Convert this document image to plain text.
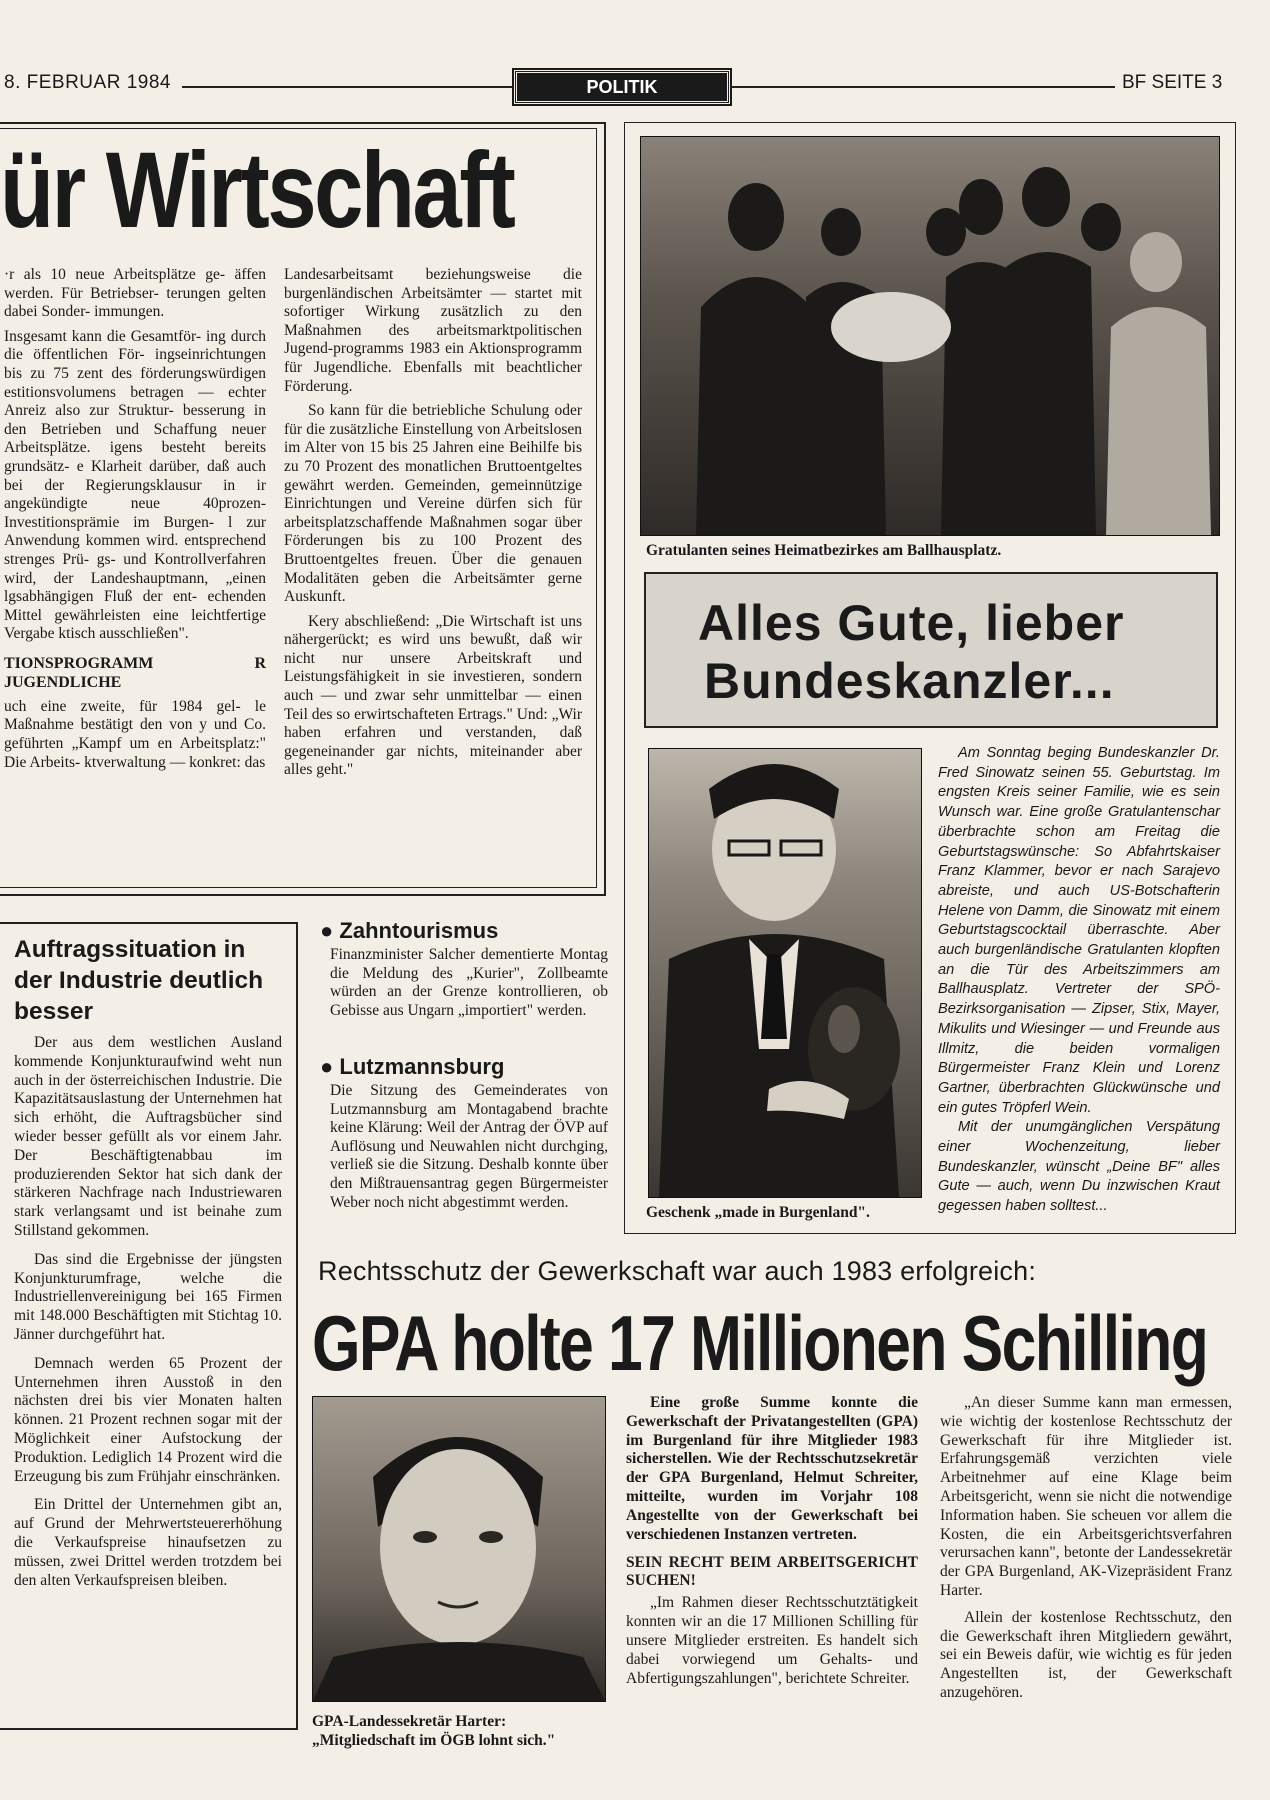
8. FEBRUAR 1984	POLITIK	BF SEITE 3
ür Wirtschaft

·r als 10 neue Arbeitsplätze ge- äffen werden. Für Betriebser- terungen gelten dabei Sonder- immungen.

Insgesamt kann die Gesamtför- ing durch die öffentlichen För- ingseinrichtungen bis zu 75 zent des förderungswürdigen estitionsvolumens betragen — echter Anreiz also zur Struktur- besserung in den Betrieben und Schaffung neuer Arbeitsplätze. igens besteht bereits grundsätz- e Klarheit darüber, daß auch bei der Regierungsklausur in ir angekündigte neue 40prozen- Investitionsprämie im Burgen- l zur Anwendung kommen wird. entsprechend strenges Prü- gs- und Kontrollverfahren wird, der Landeshauptmann, „einen lgsabhängigen Fluß der ent- echenden Mittel gewährleisten eine leichtfertige Vergabe ktisch ausschließen".

TIONSPROGRAMM R JUGENDLICHE

uch eine zweite, für 1984 gel- le Maßnahme bestätigt den von y und Co. geführten „Kampf um en Arbeitsplatz:" Die Arbeits- ktverwaltung — konkret: das

Landesarbeitsamt beziehungsweise die burgenländischen Arbeitsämter — startet mit sofortiger Wirkung zusätzlich zu den Maßnahmen des arbeitsmarktpolitischen Jugend-programms 1983 ein Aktionsprogramm für Jugendliche. Ebenfalls mit beachtlicher Förderung.

So kann für die betriebliche Schulung oder für die zusätzliche Einstellung von Arbeitslosen im Alter von 15 bis 25 Jahren eine Beihilfe bis zu 70 Prozent des monatlichen Bruttoentgeltes gewährt werden. Gemeinden, gemeinnützige Einrichtungen und Vereine dürfen sich für arbeitsplatzschaffende Maßnahmen sogar über Förderungen bis zu 100 Prozent des Bruttoentgeltes freuen. Über die genauen Modalitäten geben die Arbeitsämter gerne Auskunft.

Kery abschließend: „Die Wirtschaft ist uns nähergerückt; es wird uns bewußt, daß wir nicht nur unsere Arbeitskraft und Leistungsfähigkeit in sie investieren, sondern auch — und zwar sehr unmittelbar — einen Teil des so erwirtschafteten Ertrags." Und: „Wir haben erfahren und verstanden, daß gegeneinander gar nichts, miteinander aber alles geht."

Gratulanten seines Heimatbezirkes am Ballhausplatz.
Alles Gute, lieber
Bundeskanzler...
Geschenk „made in Burgenland".
Am Sonntag beging Bundeskanzler Dr. Fred Sinowatz seinen 55. Geburtstag. Im engsten Kreis seiner Familie, wie es sein Wunsch war. Eine große Gratulantenschar überbrachte schon am Freitag die Geburtstagswünsche: So Abfahrtskaiser Franz Klammer, bevor er nach Sarajevo abreiste, und auch US-Botschafterin Helene von Damm, die Sinowatz mit einem Geburtstagscocktail überraschte. Aber auch burgenländische Gratulanten klopften an die Tür des Arbeitszimmers am Ballhausplatz. Vertreter der SPÖ-Bezirksorganisation — Zipser, Stix, Mayer, Mikulits und Wiesinger — und Freunde aus Illmitz, die beiden vormaligen Bürgermeister Franz Klein und Lorenz Gartner, überbrachten Glückwünsche und ein gutes Tröpferl Wein.
Mit der unumgänglichen Verspätung einer Wochenzeitung, lieber Bundeskanzler, wünscht „Deine BF" alles Gute — auch, wenn Du inzwischen Kraut gegessen haben solltest...
Auftragssituation in der Industrie deutlich besser

Der aus dem westlichen Ausland kommende Konjunkturaufwind weht nun auch in der österreichischen Industrie. Die Kapazitätsauslastung der Unternehmen hat sich erhöht, die Auftragsbücher sind wieder besser gefüllt als vor einem Jahr. Der Beschäftigtenabbau im produzierenden Sektor hat sich dank der stärkeren Nachfrage nach Industriewaren stark verlangsamt und ist beinahe zum Stillstand gekommen.

Das sind die Ergebnisse der jüngsten Konjunkturumfrage, welche die Industriellenvereinigung bei 165 Firmen mit 148.000 Beschäftigten mit Stichtag 10. Jänner durchgeführt hat.

Demnach werden 65 Prozent der Unternehmen ihren Ausstoß in den nächsten drei bis vier Monaten halten können. 21 Prozent rechnen sogar mit der Möglichkeit einer Aufstockung der Produktion. Lediglich 14 Prozent wird die Erzeugung bis zum Frühjahr einschränken.

Ein Drittel der Unternehmen gibt an, auf Grund der Mehrwertsteuererhöhung die Verkaufspreise hinaufsetzen zu müssen, zwei Drittel werden trotzdem bei den alten Verkaufspreisen bleiben.

● Zahntourismus
Finanzminister Salcher dementierte Montag die Meldung des „Kurier", Zollbeamte würden an der Grenze kontrollieren, ob Gebisse aus Ungarn „importiert" werden.
● Lutzmannsburg
Die Sitzung des Gemeinderates von Lutzmannsburg am Montagabend brachte keine Klärung: Weil der Antrag der ÖVP auf Auflösung und Neuwahlen nicht durchging, verließ sie die Sitzung. Deshalb konnte über den Mißtrauensantrag gegen Bürgermeister Weber noch nicht abgestimmt werden.
Rechtsschutz der Gewerkschaft war auch 1983 erfolgreich:
GPA holte 17 Millionen Schilling
GPA-Landessekretär Harter: „Mitgliedschaft im ÖGB lohnt sich."

Eine große Summe konnte die Gewerkschaft der Privatangestellten (GPA) im Burgenland für ihre Mitglieder 1983 sicherstellen. Wie der Rechtsschutzsekretär der GPA Burgenland, Helmut Schreiter, mitteilte, wurden im Vorjahr 108 Angestellte von der Gewerkschaft bei verschiedenen Instanzen vertreten.

SEIN RECHT BEIM ARBEITSGERICHT SUCHEN!

„Im Rahmen dieser Rechtsschutztätigkeit konnten wir an die 17 Millionen Schilling für unsere Mitglieder erstreiten. Es handelt sich dabei vorwiegend um Gehalts- und Abfertigungszahlungen", berichtete Schreiter.

„An dieser Summe kann man ermessen, wie wichtig der kostenlose Rechtsschutz der Gewerkschaft für ihre Mitglieder ist. Erfahrungsgemäß verzichten viele Arbeitnehmer auf eine Klage beim Arbeitsgericht, wenn sie nicht die notwendige Information haben. Sie scheuen vor allem die Kosten, die ein Arbeitsgerichtsverfahren verursachen kann", betonte der Landessekretär der GPA Burgenland, AK-Vizepräsident Franz Harter.

Allein der kostenlose Rechtsschutz, den die Gewerkschaft ihren Mitgliedern gewährt, sei ein Beweis dafür, wie wichtig es für jeden Angestellten ist, der Gewerkschaft anzugehören.
